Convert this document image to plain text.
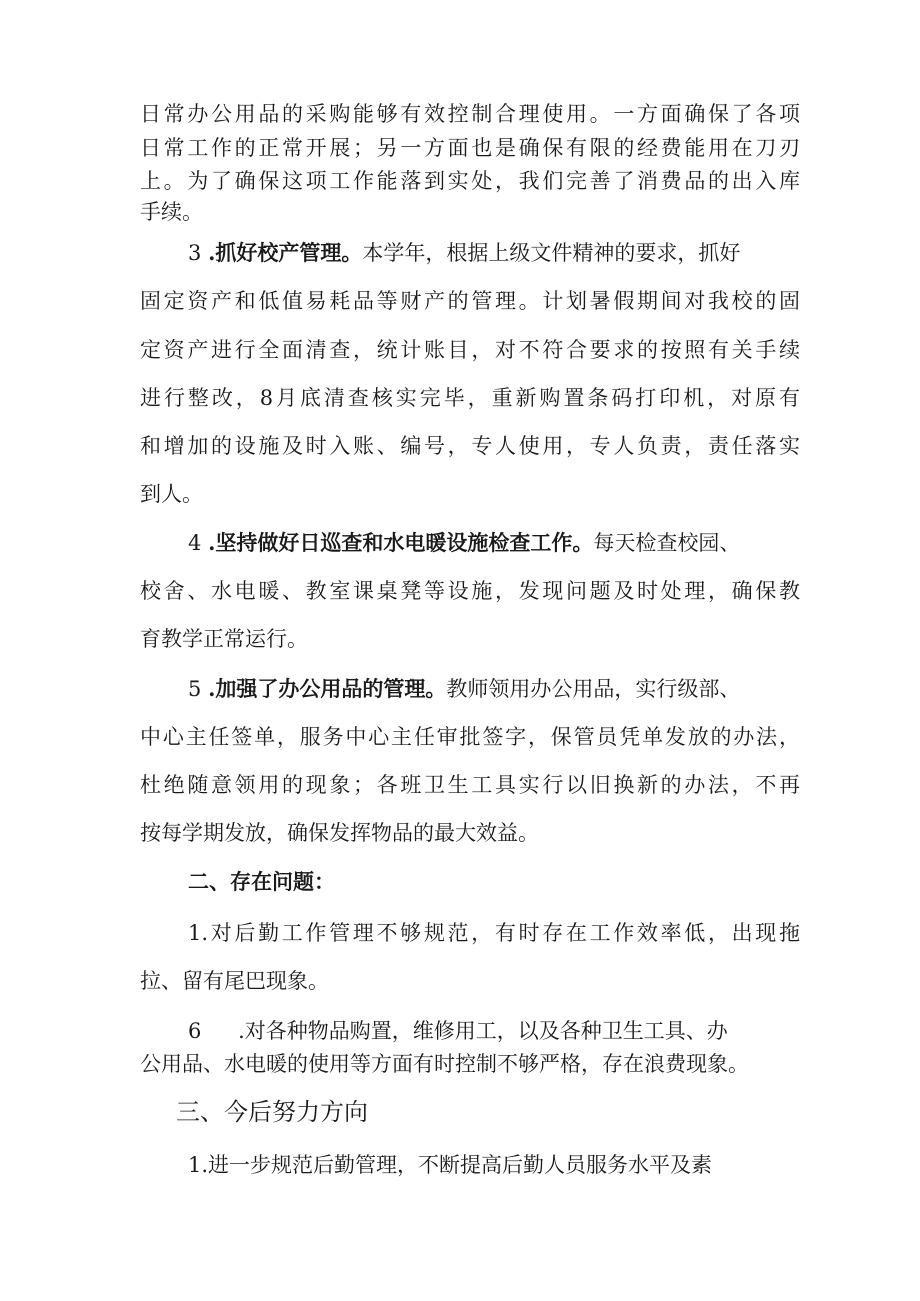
日常办公用品的采购能够有效控制合理使用。一方面确保了各项
日常工作的正常开展；另一方面也是确保有限的经费能用在刀刃
上。为了确保这项工作能落到实处，我们完善了消费品的出入库
手续。
3 .抓好校产管理。本学年，根据上级文件精神的要求，抓好
固定资产和低值易耗品等财产的管理。计划暑假期间对我校的固
定资产进行全面清查，统计账目，对不符合要求的按照有关手续
进行整改，8月底清查核实完毕，重新购置条码打印机，对原有
和增加的设施及时入账、编号，专人使用，专人负责，责任落实
到人。
4 .坚持做好日巡查和水电暖设施检查工作。每天检查校园、
校舍、水电暖、教室课桌凳等设施，发现问题及时处理，确保教
育教学正常运行。
5 .加强了办公用品的管理。教师领用办公用品，实行级部、
中心主任签单，服务中心主任审批签字，保管员凭单发放的办法，
杜绝随意领用的现象；各班卫生工具实行以旧换新的办法，不再
按每学期发放，确保发挥物品的最大效益。
二、存在问题：
1.对后勤工作管理不够规范，有时存在工作效率低，出现拖
拉、留有尾巴现象。
6 .对各种物品购置，维修用工，以及各种卫生工具、办
公用品、水电暖的使用等方面有时控制不够严格，存在浪费现象。
三、今后努力方向
1.进一步规范后勤管理，不断提高后勤人员服务水平及素
